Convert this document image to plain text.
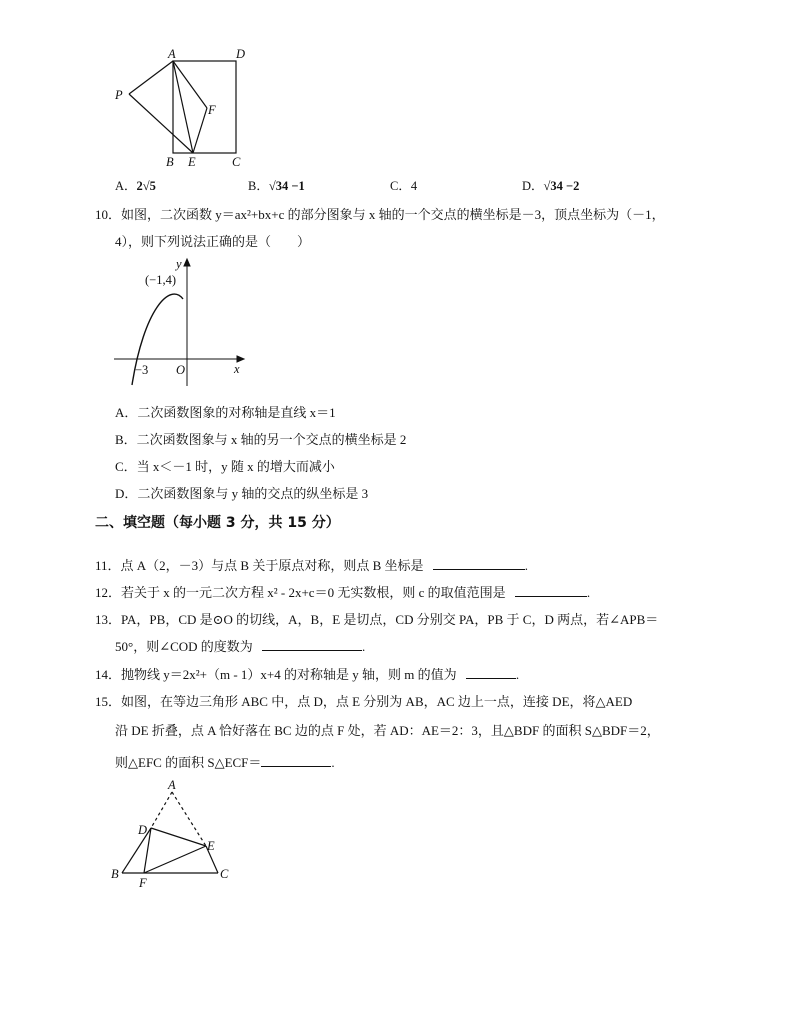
A	D
P
F
B E	C
A．2√5	B．√34 −1	C．4	D．√34 −2
10．如图，二次函数 y＝ax²+bx+c 的部分图象与 x 轴的一个交点的横坐标是－3，顶点坐标为（－1，
4），则下列说法正确的是（　　）
y
(−1,4)
−3 O	x
A．二次函数图象的对称轴是直线 x＝1
B．二次函数图象与 x 轴的另一个交点的横坐标是 2
C．当 x＜－1 时，y 随 x 的增大而减小
D．二次函数图象与 y 轴的交点的纵坐标是 3
二、填空题（每小题 3 分，共 15 分）
11．点 A（2，－3）与点 B 关于原点对称，则点 B 坐标是	.
12．若关于 x 的一元二次方程 x² - 2x+c＝0 无实数根，则 c 的取值范围是	.
13．PA，PB，CD 是⊙O 的切线，A，B，E 是切点，CD 分别交 PA，PB 于 C，D 两点，若∠APB＝
50°，则∠COD 的度数为	.
14．抛物线 y＝2x²+（m - 1）x+4 的对称轴是 y 轴，则 m 的值为	.
15．如图，在等边三角形 ABC 中，点 D，点 E 分别为 AB，AC 边上一点，连接 DE，将△AED
沿 DE 折叠，点 A 恰好落在 BC 边的点 F 处，若 AD：AE＝2：3，且△BDF 的面积 S△BDF＝2，
则△EFC 的面积 S△ECF＝	.
A
D
E
B
F
C
